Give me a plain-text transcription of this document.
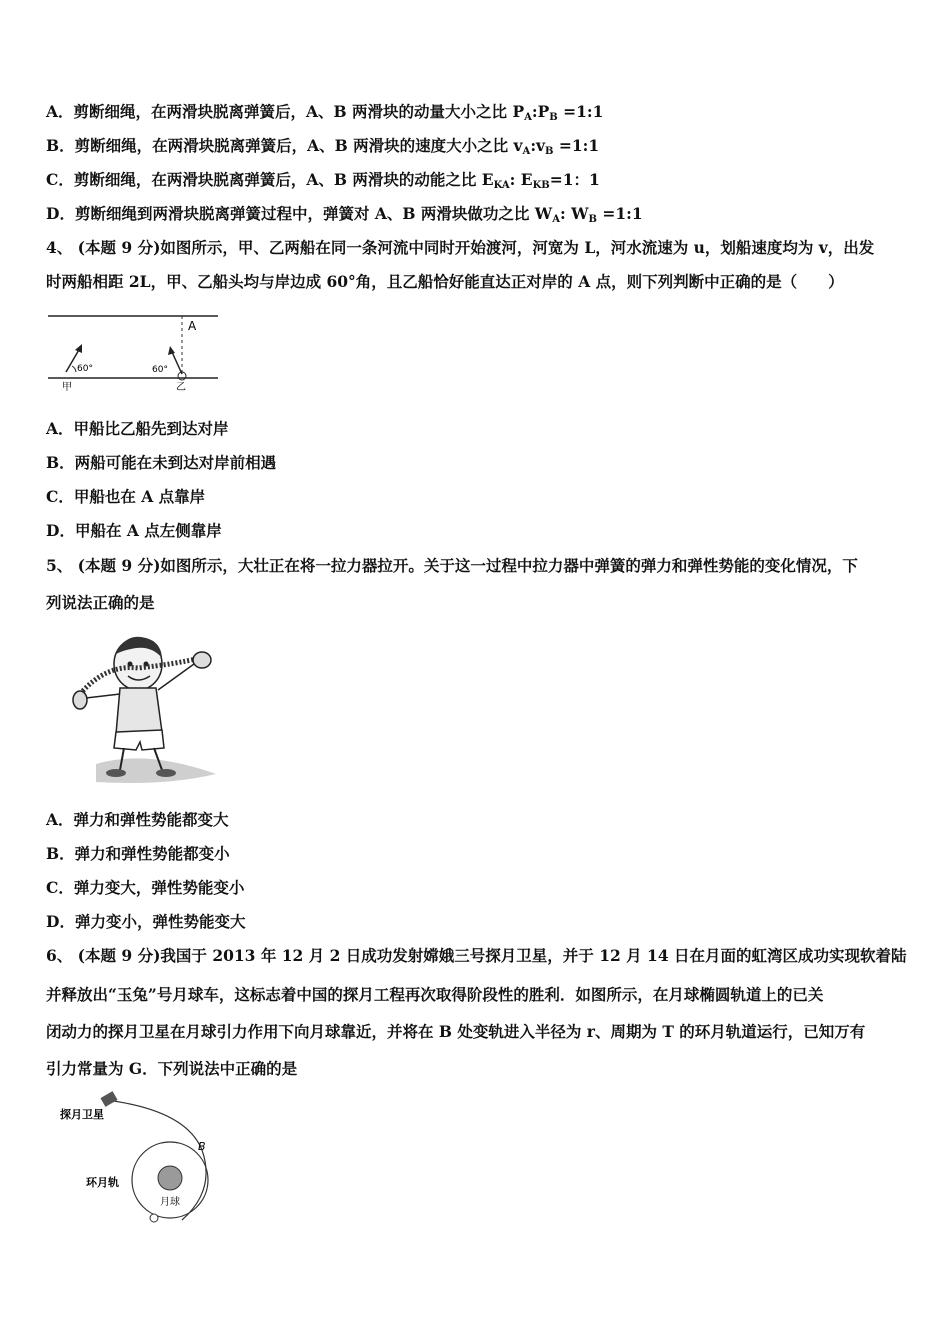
A．剪断细绳，在两滑块脱离弹簧后，A、B 两滑块的动量大小之比 $P_A:P_B$ =1:1
B．剪断细绳，在两滑块脱离弹簧后，A、B 两滑块的速度大小之比 $v_A:v_B$ =1:1
C．剪断细绳，在两滑块脱离弹簧后，A、B 两滑块的动能之比 $E_{KA}$: $E_{KB}=1$：1
D．剪断细绳到两滑块脱离弹簧过程中，弹簧对 A、B 两滑块做功之比 $W_A$: $W_B$ =1:1
4、 (本题 9 分)如图所示，甲、乙两船在同一条河流中同时开始渡河，河宽为 L，河水流速为 u，划船速度均为 v，出发
时两船相距 2L，甲、乙船头均与岸边成 60°角，且乙船恰好能直达正对岸的 A 点，则下列判断中正确的是（　　）
A
60°
甲
60°
乙
A．甲船比乙船先到达对岸
B．两船可能在未到达对岸前相遇
C．甲船也在 A 点靠岸
D．甲船在 A 点左侧靠岸
5、 (本题 9 分)如图所示，大壮正在将一拉力器拉开。关于这一过程中拉力器中弹簧的弹力和弹性势能的变化情况，下
列说法正确的是
A．弹力和弹性势能都变大
B．弹力和弹性势能都变小
C．弹力变大，弹性势能变小
D．弹力变小，弹性势能变大
6、 (本题 9 分)我国于 2013 年 12 月 2 日成功发射嫦娥三号探月卫星，并于 12 月 14 日在月面的虹湾区成功实现软着陆
并释放出“玉兔”号月球车，这标志着中国的探月工程再次取得阶段性的胜利．如图所示，在月球椭圆轨道上的已关
闭动力的探月卫星在月球引力作用下向月球靠近，并将在 B 处变轨进入半径为 r、周期为 T 的环月轨道运行，已知万有
引力常量为 G．下列说法中正确的是
探月卫星
B
环月轨
月球
